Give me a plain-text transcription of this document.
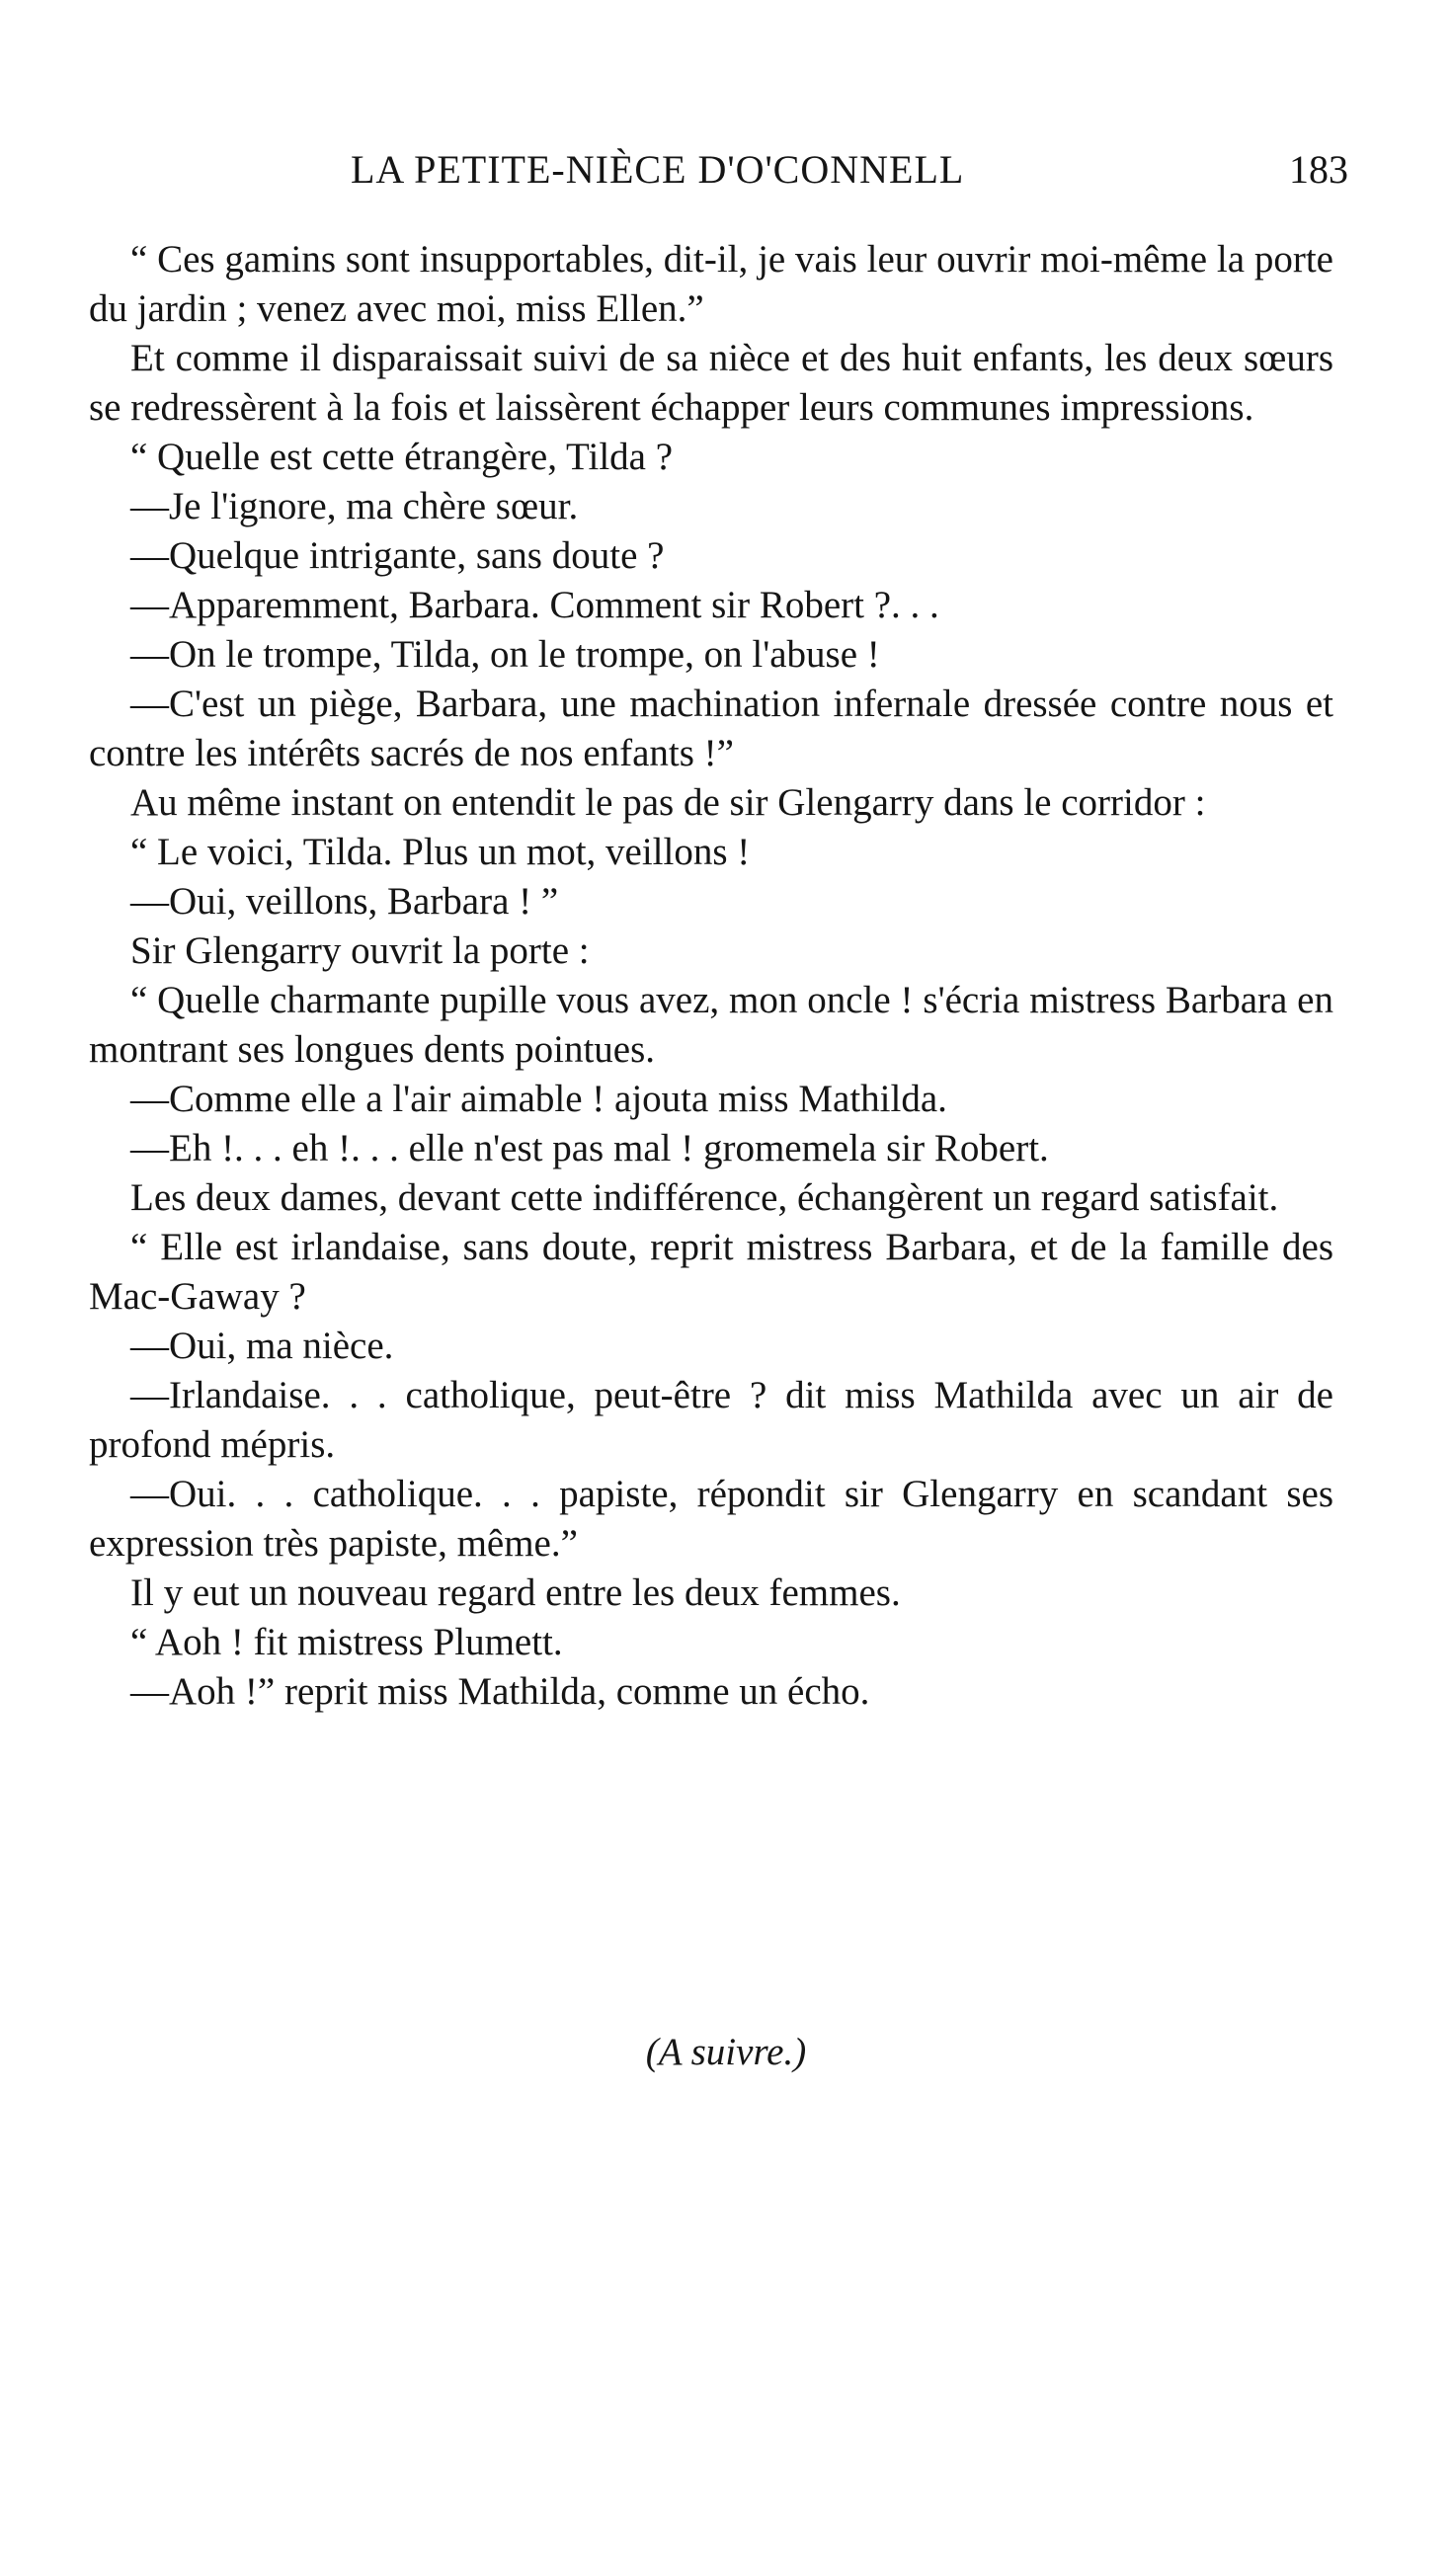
LA PETITE-NIÈCE D'O'CONNELL	183

“ Ces gamins sont insupportables, dit-il, je vais leur ouvrir moi-même la porte du jardin ; venez avec moi, miss Ellen.”

Et comme il disparaissait suivi de sa nièce et des huit enfants, les deux sœurs se redressèrent à la fois et laissèrent échapper leurs communes impressions.

“ Quelle est cette étrangère, Tilda ?

—Je l'ignore, ma chère sœur.

—Quelque intrigante, sans doute ?

—Apparemment, Barbara. Comment sir Robert ?. . .

—On le trompe, Tilda, on le trompe, on l'abuse !

—C'est un piège, Barbara, une machination infernale dressée contre nous et contre les intérêts sacrés de nos enfants !”

Au même instant on entendit le pas de sir Glengarry dans le corridor :

“ Le voici, Tilda. Plus un mot, veillons !

—Oui, veillons, Barbara ! ”

Sir Glengarry ouvrit la porte :

“ Quelle charmante pupille vous avez, mon oncle ! s'écria mistress Barbara en montrant ses longues dents pointues.

—Comme elle a l'air aimable ! ajouta miss Mathilda.

—Eh !. . . eh !. . . elle n'est pas mal ! gromemela sir Robert.

Les deux dames, devant cette indifférence, échangèrent un regard satisfait.

“ Elle est irlandaise, sans doute, reprit mistress Barbara, et de la famille des Mac-Gaway ?

—Oui, ma nièce.

—Irlandaise. . . catholique, peut-être ? dit miss Mathilda avec un air de profond mépris.

—Oui. . . catholique. . . papiste, répondit sir Glengarry en scandant ses expression très papiste, même.”

Il y eut un nouveau regard entre les deux femmes.

“ Aoh ! fit mistress Plumett.

—Aoh !” reprit miss Mathilda, comme un écho.

(A suivre.)
